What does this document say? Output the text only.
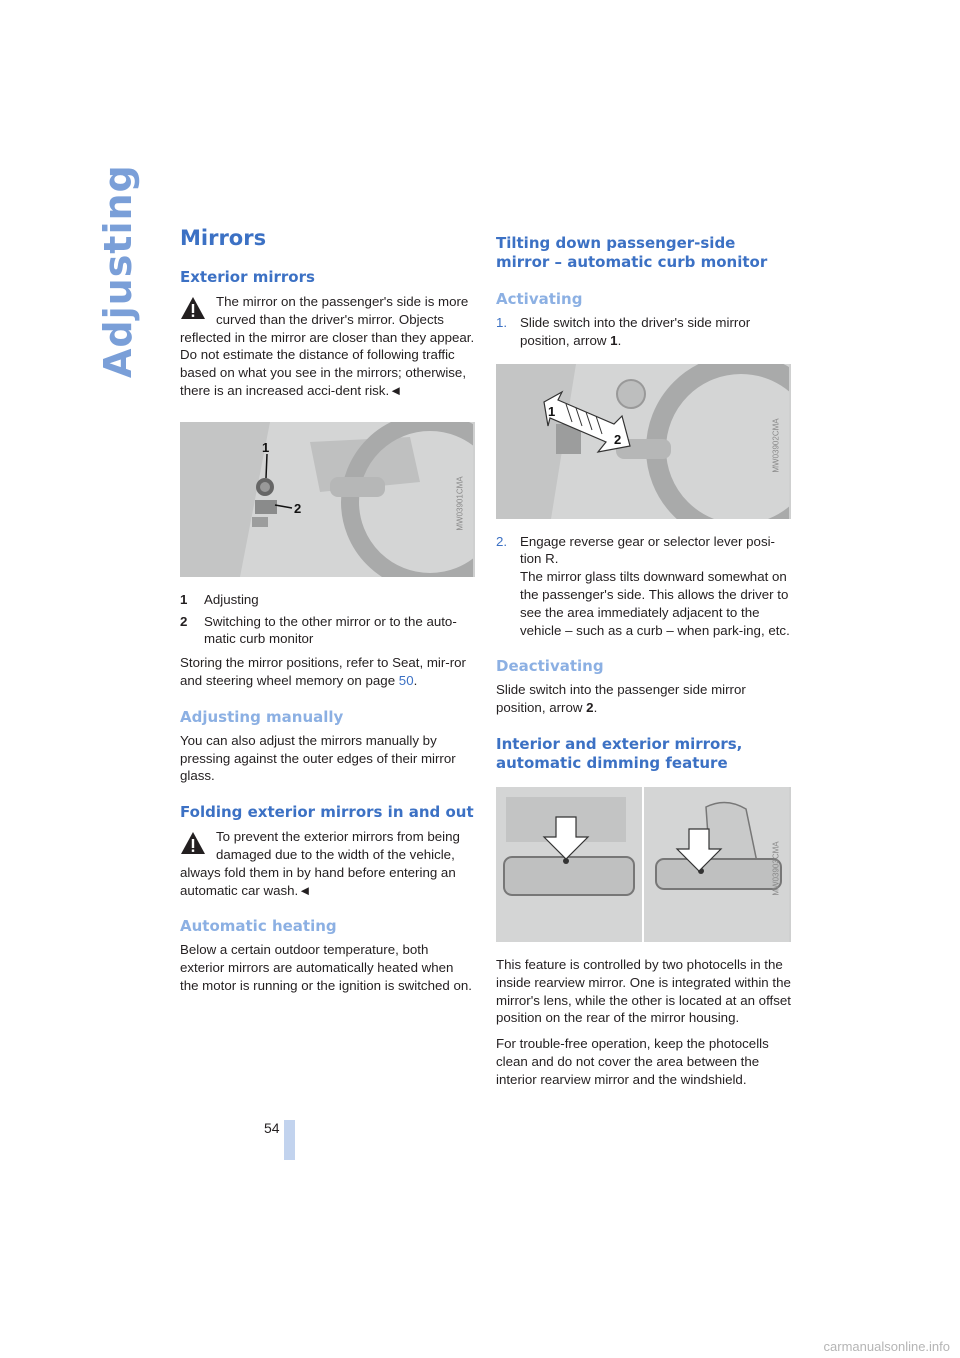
Adjusting
54
Mirrors
Exterior mirrors

The mirror on the passenger's side is more curved than the driver's mirror. Objects reflected in the mirror are closer than they appear. Do not estimate the distance of following traffic based on what you see in the mirrors; otherwise, there is an increased acci-dent risk.◄

1
2	MW03901CMA
1	Adjusting
2	Switching to the other mirror or to the auto-matic curb monitor

Storing the mirror positions, refer to Seat, mir-ror and steering wheel memory on page 50.

Adjusting manually

You can also adjust the mirrors manually by pressing against the outer edges of their mirror glass.

Folding exterior mirrors in and out

To prevent the exterior mirrors from being damaged due to the width of the vehicle, always fold them in by hand before entering an automatic car wash.◄

Automatic heating

Below a certain outdoor temperature, both exterior mirrors are automatically heated when the motor is running or the ignition is switched on.

Tilting down passenger-side mirror – automatic curb monitor
Activating
1. Slide switch into the driver's side mirror position, arrow 1.
1
2	MW03902CMA
2. Engage reverse gear or selector lever posi-tion R.
The mirror glass tilts downward somewhat on the passenger's side. This allows the driver to see the area immediately adjacent to the vehicle – such as a curb – when park-ing, etc.
Deactivating

Slide switch into the passenger side mirror position, arrow 2.

Interior and exterior mirrors, automatic dimming feature
MW03903CMA

This feature is controlled by two photocells in the inside rearview mirror. One is integrated within the mirror's lens, while the other is located at an offset position on the rear of the mirror housing.

For trouble-free operation, keep the photocells clean and do not cover the area between the interior rearview mirror and the windshield.

carmanualsonline.info
